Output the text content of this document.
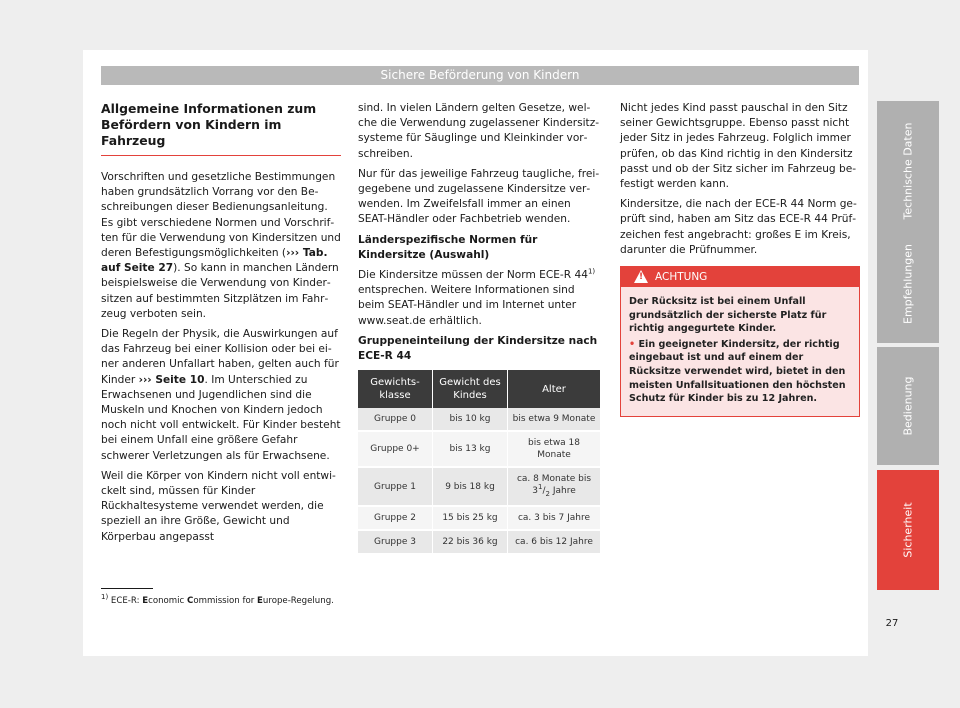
Sichere Beförderung von Kindern
Allgemeine Informationen zum Befördern von Kindern im Fahrzeug

Vorschriften und gesetzliche Bestimmungen haben grundsätzlich Vorrang vor den Beschreibungen dieser Bedienungsanleitung. Es gibt verschiedene Normen und Vorschriften für die Verwendung von Kindersitzen und deren Befestigungsmöglichkeiten (››› Tab. auf Seite 27). So kann in manchen Ländern beispielsweise die Verwendung von Kindersitzen auf bestimmten Sitzplätzen im Fahrzeug verboten sein.

Die Regeln der Physik, die Auswirkungen auf das Fahrzeug bei einer Kollision oder bei einer anderen Unfallart haben, gelten auch für Kinder ››› Seite 10. Im Unterschied zu Erwachsenen und Jugendlichen sind die Muskeln und Knochen von Kindern jedoch noch nicht voll entwickelt. Für Kinder besteht bei einem Unfall eine größere Gefahr schwerer Verletzungen als für Erwachsene.

Weil die Körper von Kindern nicht voll entwickelt sind, müssen für Kinder Rückhaltesysteme verwendet werden, die speziell an ihre Größe, Gewicht und Körperbau angepasst

sind. In vielen Ländern gelten Gesetze, welche die Verwendung zugelassener Kindersitzsysteme für Säuglinge und Kleinkinder vorschreiben.

Nur für das jeweilige Fahrzeug taugliche, freigegebene und zugelassene Kindersitze verwenden. Im Zweifelsfall immer an einen SEAT-Händler oder Fachbetrieb wenden.

Länderspezifische Normen für Kindersitze (Auswahl)

Die Kindersitze müssen der Norm ECE-R 44$^{1)}$ entsprechen. Weitere Informationen sind beim SEAT-Händler und im Internet unter www.seat.de erhältlich.

Gruppeneinteilung der Kindersitze nach ECE-R 44

Gewichtsklasse	Gewicht des Kindes	Alter
Gruppe 0	bis 10 kg	bis etwa 9 Monate
Gruppe 0+	bis 13 kg	bis etwa 18 Monate
Gruppe 1	9 bis 18 kg	ca. 8 Monate bis $3^1/_2$ Jahre
Gruppe 2	15 bis 25 kg	ca. 3 bis 7 Jahre
Gruppe 3	22 bis 36 kg	ca. 6 bis 12 Jahre

Nicht jedes Kind passt pauschal in den Sitz seiner Gewichtsgruppe. Ebenso passt nicht jeder Sitz in jedes Fahrzeug. Folglich immer prüfen, ob das Kind richtig in den Kindersitz passt und ob der Sitz sicher im Fahrzeug befestigt werden kann.

Kindersitze, die nach der ECE-R 44 Norm geprüft sind, haben am Sitz das ECE-R 44 Prüfzeichen fest angebracht: großes E im Kreis, darunter die Prüfnummer.

!
ACHTUNG

Der Rücksitz ist bei einem Unfall grundsätzlich der sicherste Platz für richtig angegurtete Kinder.

• Ein geeigneter Kindersitz, der richtig eingebaut ist und auf einem der Rücksitze verwendet wird, bietet in den meisten Unfallsituationen den höchsten Schutz für Kinder bis zu 12 Jahren.

$^{1)}$ ECE-R: Economic Commission for Europe-Regelung.
27
Technische Daten
Empfehlungen
Bedienung
Sicherheit
